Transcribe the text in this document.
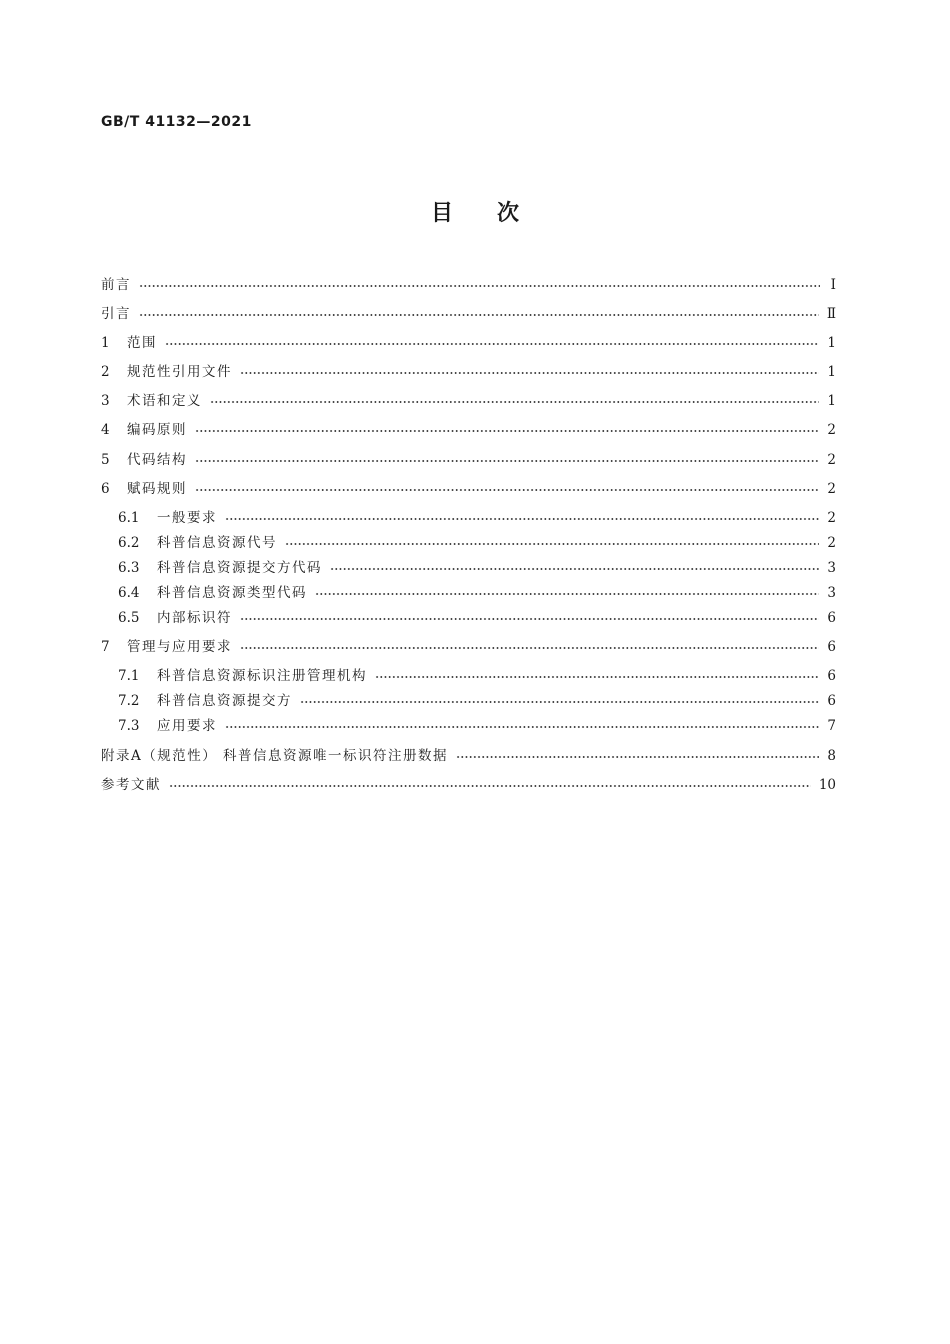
GB/T 41132—2021
目次
前言	Ⅰ
引言	Ⅱ
1	范围	1
2	规范性引用文件	1
3	术语和定义	1
4	编码原则	2
5	代码结构	2
6	赋码规则	2
6.1	一般要求	2
6.2	科普信息资源代号	2
6.3	科普信息资源提交方代码	3
6.4	科普信息资源类型代码	3
6.5	内部标识符	6
7	管理与应用要求	6
7.1	科普信息资源标识注册管理机构	6
7.2	科普信息资源提交方	6
7.3	应用要求	7
附录A（规范性） 科普信息资源唯一标识符注册数据	8
参考文献	10
